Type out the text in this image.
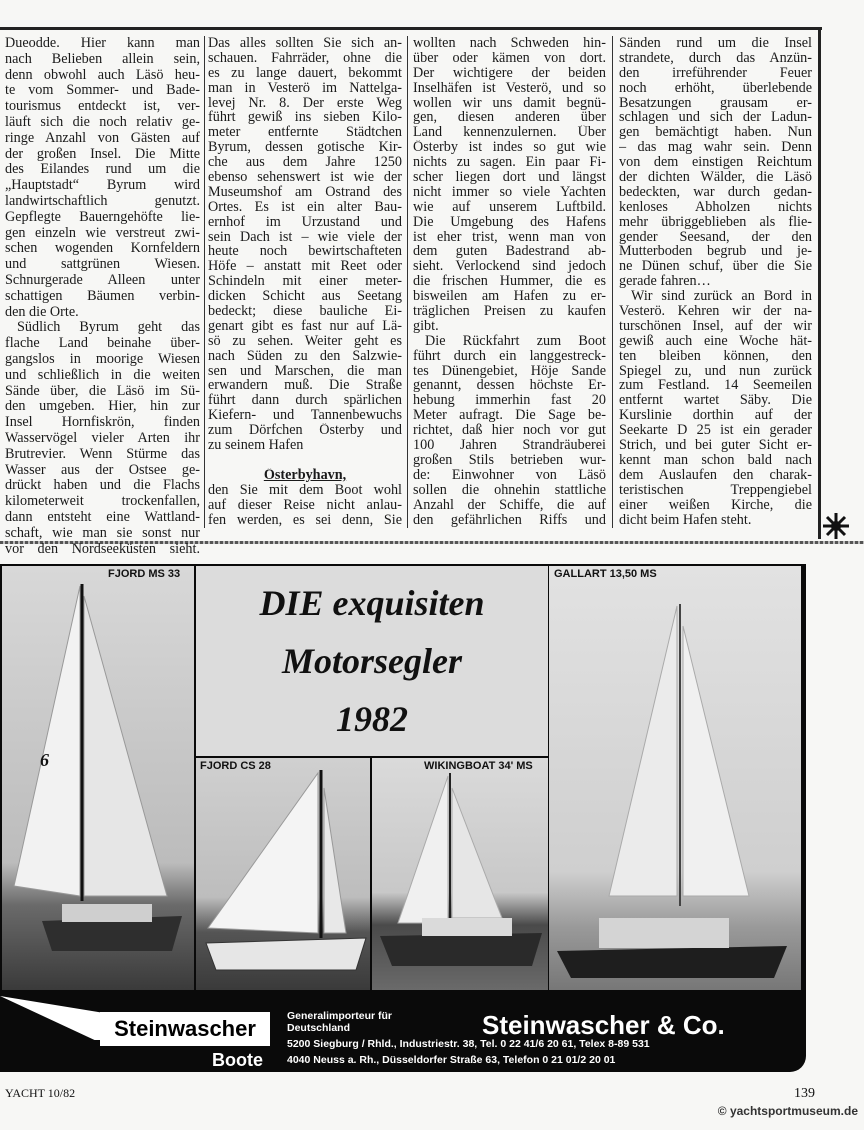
Dueodde. Hier kann man
nach Belieben allein sein,
denn obwohl auch Läsö heu-
te vom Sommer- und Bade-
tourismus entdeckt ist, ver-
läuft sich die noch relativ ge-
ringe Anzahl von Gästen auf
der großen Insel. Die Mitte
des Eilandes rund um die
„Hauptstadt“ Byrum wird
landwirtschaftlich genutzt.
Gepflegte Bauerngehöfte lie-
gen einzeln wie verstreut zwi-
schen wogenden Kornfeldern
und sattgrünen Wiesen.
Schnurgerade Alleen unter
schattigen Bäumen verbin-
den die Orte.
Südlich Byrum geht das
flache Land beinahe über-
gangslos in moorige Wiesen
und schließlich in die weiten
Sände über, die Läsö im Sü-
den umgeben. Hier, hin zur
Insel Hornfiskrön, finden
Wasservögel vieler Arten ihr
Brutrevier. Wenn Stürme das
Wasser aus der Ostsee ge-
drückt haben und die Flachs
kilometerweit trockenfallen,
dann entsteht eine Wattland-
schaft, wie man sie sonst nur
vor den Nordseeküsten sieht.
Das alles sollten Sie sich an-
schauen. Fahrräder, ohne die
es zu lange dauert, bekommt
man in Vesterö im Nattelga-
levej Nr. 8. Der erste Weg
führt gewiß ins sieben Kilo-
meter entfernte Städtchen
Byrum, dessen gotische Kir-
che aus dem Jahre 1250
ebenso sehenswert ist wie der
Museumshof am Ostrand des
Ortes. Es ist ein alter Bau-
ernhof im Urzustand und
sein Dach ist – wie viele der
heute noch bewirtschafteten
Höfe – anstatt mit Reet oder
Schindeln mit einer meter-
dicken Schicht aus Seetang
bedeckt; diese bauliche Ei-
genart gibt es fast nur auf Lä-
sö zu sehen. Weiter geht es
nach Süden zu den Salzwie-
sen und Marschen, die man
erwandern muß. Die Straße
führt dann durch spärlichen
Kiefern- und Tannenbewuchs
zum Dörfchen Österby und
zu seinem Hafen
Österbyhavn,
den Sie mit dem Boot wohl
auf dieser Reise nicht anlau-
fen werden, es sei denn, Sie
wollten nach Schweden hin-
über oder kämen von dort.
Der wichtigere der beiden
Inselhäfen ist Vesterö, und so
wollen wir uns damit begnü-
gen, diesen anderen über
Land kennenzulernen. Über
Österby ist indes so gut wie
nichts zu sagen. Ein paar Fi-
scher liegen dort und längst
nicht immer so viele Yachten
wie auf unserem Luftbild.
Die Umgebung des Hafens
ist eher trist, wenn man von
dem guten Badestrand ab-
sieht. Verlockend sind jedoch
die frischen Hummer, die es
bisweilen am Hafen zu er-
träglichen Preisen zu kaufen
gibt.
Die Rückfahrt zum Boot
führt durch ein langgestreck-
tes Dünengebiet, Höje Sande
genannt, dessen höchste Er-
hebung immerhin fast 20
Meter aufragt. Die Sage be-
richtet, daß hier noch vor gut
100 Jahren Strandräuberei
großen Stils betrieben wur-
de: Einwohner von Läsö
sollen die ohnehin stattliche
Anzahl der Schiffe, die auf
den gefährlichen Riffs und
Sänden rund um die Insel
strandete, durch das Anzün-
den irreführender Feuer
noch erhöht, überlebende
Besatzungen grausam er-
schlagen und sich der Ladun-
gen bemächtigt haben. Nun
– das mag wahr sein. Denn
von dem einstigen Reichtum
der dichten Wälder, die Läsö
bedeckten, war durch gedan-
kenloses Abholzen nichts
mehr übriggeblieben als flie-
gender Seesand, der den
Mutterboden begrub und je-
ne Dünen schuf, über die Sie
gerade fahren…
Wir sind zurück an Bord in
Vesterö. Kehren wir der na-
turschönen Insel, auf der wir
gewiß auch eine Woche hät-
ten bleiben können, den
Spiegel zu, und nun zurück
zum Festland. 14 Seemeilen
entfernt wartet Säby. Die
Kurslinie dorthin auf der
Seekarte D 25 ist ein gerader
Strich, und bei guter Sicht er-
kennt man schon bald nach
dem Auslaufen den charak-
teristischen Treppengiebel
einer weißen Kirche, die
dicht beim Hafen steht.
6
FJORD MS 33
DIE exquisiten
Motorsegler
1982
GALLART 13,50 MS
FJORD CS 28	WIKINGBOAT 34' MS
Steinwascher
Boote
Generalimporteur für
Deutschland	Steinwascher & Co.
5200 Siegburg / Rhld., Industriestr. 38, Tel. 0 22 41/6 20 61, Telex 8-89 531
4040 Neuss a. Rh., Düsseldorfer Straße 63, Telefon 0 21 01/2 20 01
YACHT 10/82	139
© yachtsportmuseum.de
